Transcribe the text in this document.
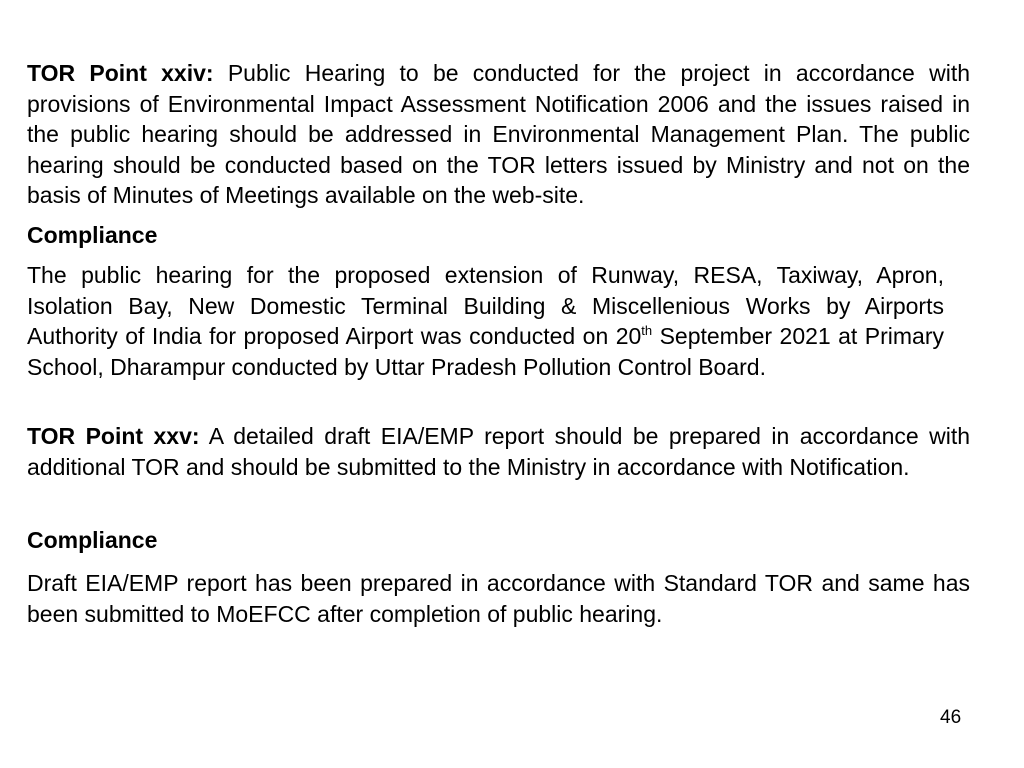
TOR Point xxiv: Public Hearing to be conducted for the project in accordance with provisions of Environmental Impact Assessment Notification 2006 and the issues raised in the public hearing should be addressed in Environmental Management Plan. The public hearing should be conducted based on the TOR letters issued by Ministry and not on the basis of Minutes of Meetings available on the web-site.

Compliance

The public hearing for the proposed extension of Runway, RESA, Taxiway, Apron, Isolation Bay, New Domestic Terminal Building & Miscellenious Works by Airports Authority of India for proposed Airport was conducted on 20th September 2021 at Primary School, Dharampur conducted by Uttar Pradesh Pollution Control Board.

TOR Point xxv: A detailed draft EIA/EMP report should be prepared in accordance with additional TOR and should be submitted to the Ministry in accordance with Notification.

Compliance

Draft EIA/EMP report has been prepared in accordance with Standard TOR and same has been submitted to MoEFCC after completion of public hearing.

46
